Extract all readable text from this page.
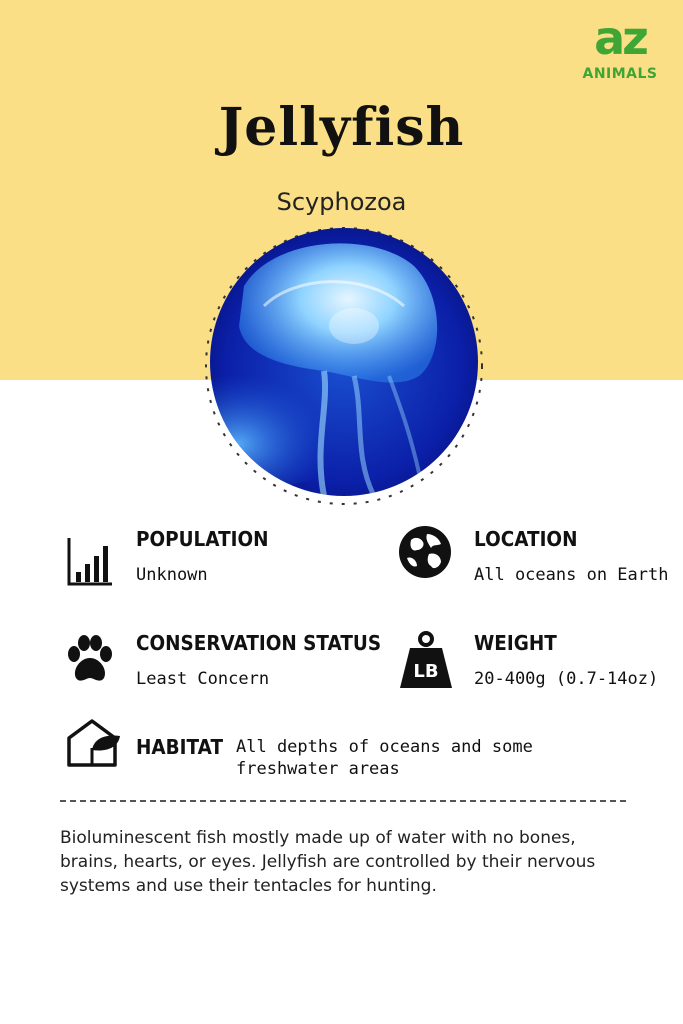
az
ANIMALS
Jellyfish
Scyphozoa
POPULATION
Unknown
LOCATION
All oceans on Earth
CONSERVATION STATUS
Least Concern	LB
WEIGHT
20-400g (0.7-14oz)
HABITAT All depths of oceans and some freshwater areas

Bioluminescent fish mostly made up of water with no bones, brains, hearts, or eyes. Jellyfish are controlled by their nervous systems and use their tentacles for hunting.
